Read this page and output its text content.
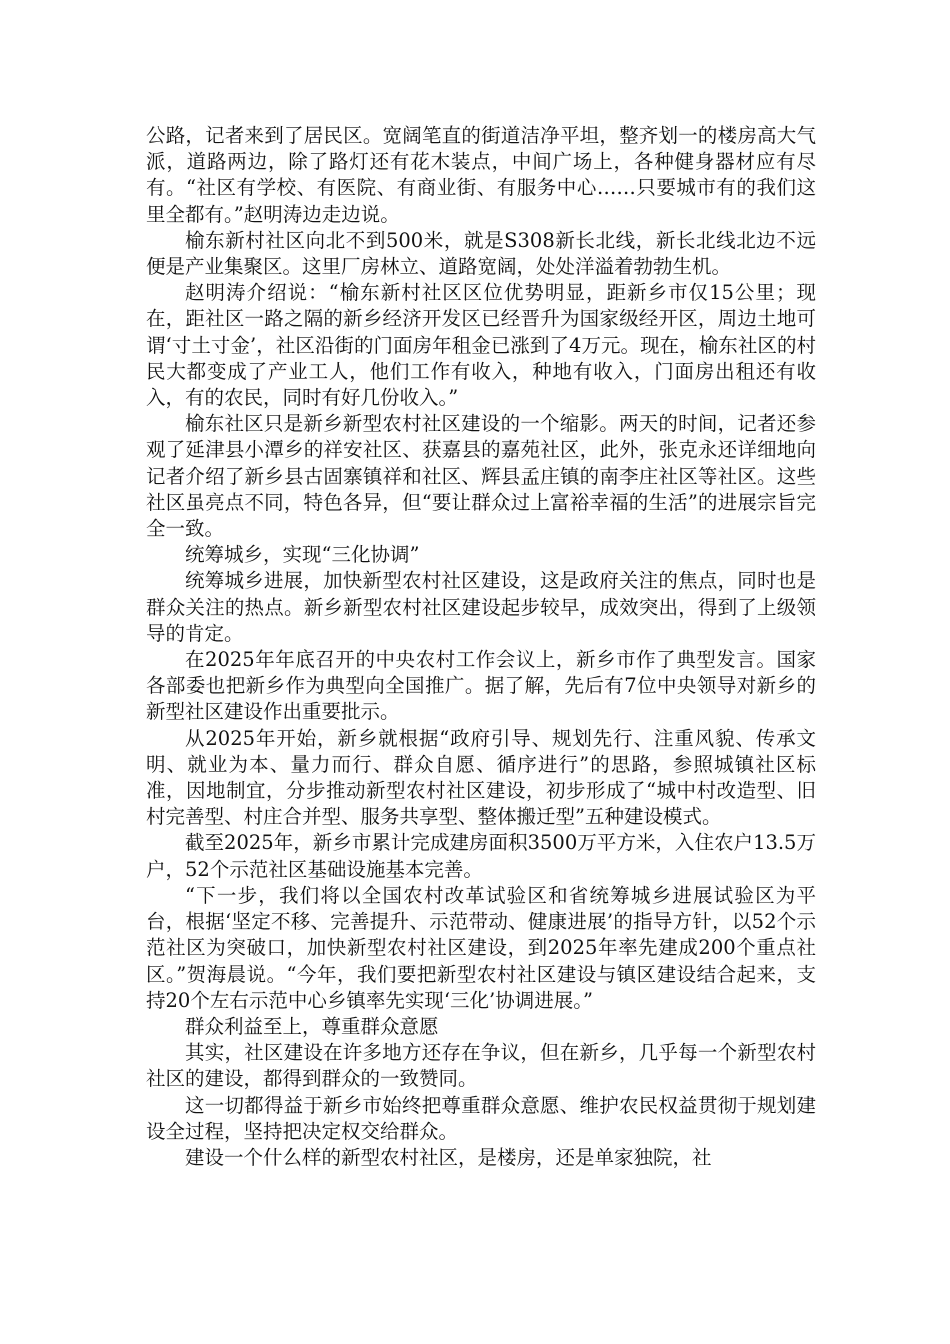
公路，记者来到了居民区。宽阔笔直的街道洁净平坦，整齐划一的楼房高大气派，道路两边，除了路灯还有花木装点，中间广场上，各种健身器材应有尽有。“社区有学校、有医院、有商业街、有服务中心……只要城市有的我们这里全都有。”赵明涛边走边说。

榆东新村社区向北不到500米，就是S308新长北线，新长北线北边不远便是产业集聚区。这里厂房林立、道路宽阔，处处洋溢着勃勃生机。

赵明涛介绍说：“榆东新村社区区位优势明显，距新乡市仅15公里；现在，距社区一路之隔的新乡经济开发区已经晋升为国家级经开区，周边土地可谓‘寸土寸金’，社区沿街的门面房年租金已涨到了4万元。现在，榆东社区的村民大都变成了产业工人，他们工作有收入，种地有收入，门面房出租还有收入，有的农民，同时有好几份收入。”

榆东社区只是新乡新型农村社区建设的一个缩影。两天的时间，记者还参观了延津县小潭乡的祥安社区、获嘉县的嘉苑社区，此外，张克永还详细地向记者介绍了新乡县古固寨镇祥和社区、辉县孟庄镇的南李庄社区等社区。这些社区虽亮点不同，特色各异，但“要让群众过上富裕幸福的生活”的进展宗旨完全一致。

统筹城乡，实现“三化协调”

统筹城乡进展，加快新型农村社区建设，这是政府关注的焦点，同时也是群众关注的热点。新乡新型农村社区建设起步较早，成效突出，得到了上级领导的肯定。

在2025年年底召开的中央农村工作会议上，新乡市作了典型发言。国家各部委也把新乡作为典型向全国推广。据了解，先后有7位中央领导对新乡的新型社区建设作出重要批示。

从2025年开始，新乡就根据“政府引导、规划先行、注重风貌、传承文明、就业为本、量力而行、群众自愿、循序进行”的思路，参照城镇社区标准，因地制宜，分步推动新型农村社区建设，初步形成了“城中村改造型、旧村完善型、村庄合并型、服务共享型、整体搬迁型”五种建设模式。

截至2025年，新乡市累计完成建房面积3500万平方米，入住农户13.5万户，52个示范社区基础设施基本完善。

“下一步，我们将以全国农村改革试验区和省统筹城乡进展试验区为平台，根据‘坚定不移、完善提升、示范带动、健康进展’的指导方针，以52个示范社区为突破口，加快新型农村社区建设，到2025年率先建成200个重点社区。”贺海晨说。“今年，我们要把新型农村社区建设与镇区建设结合起来，支持20个左右示范中心乡镇率先实现‘三化’协调进展。”

群众利益至上，尊重群众意愿

其实，社区建设在许多地方还存在争议，但在新乡，几乎每一个新型农村社区的建设，都得到群众的一致赞同。

这一切都得益于新乡市始终把尊重群众意愿、维护农民权益贯彻于规划建设全过程，坚持把决定权交给群众。

建设一个什么样的新型农村社区，是楼房，还是单家独院，社
